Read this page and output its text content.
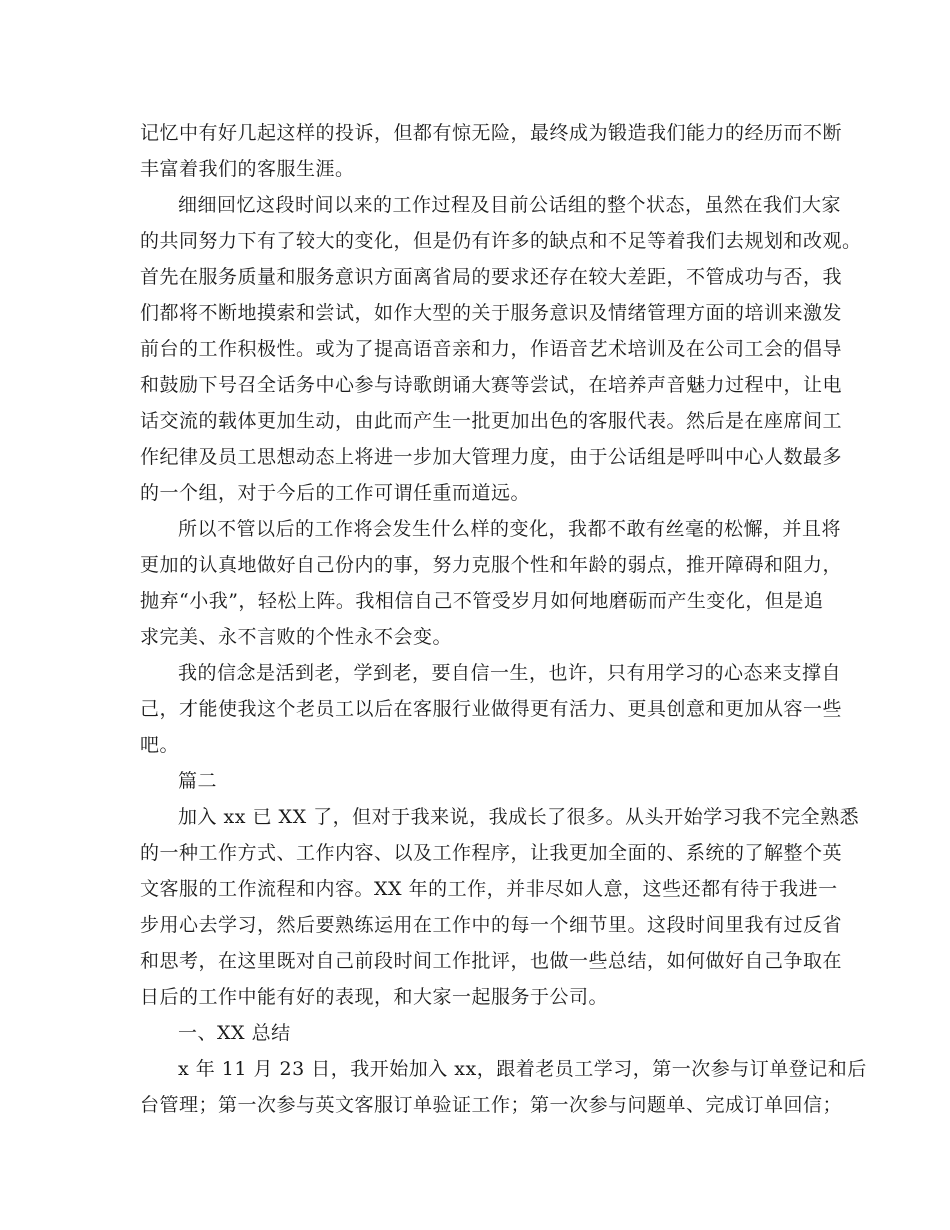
记忆中有好几起这样的投诉，但都有惊无险，最终成为锻造我们能力的经历而不断
丰富着我们的客服生涯。
细细回忆这段时间以来的工作过程及目前公话组的整个状态，虽然在我们大家
的共同努力下有了较大的变化，但是仍有许多的缺点和不足等着我们去规划和改观。
首先在服务质量和服务意识方面离省局的要求还存在较大差距，不管成功与否，我
们都将不断地摸索和尝试，如作大型的关于服务意识及情绪管理方面的培训来激发
前台的工作积极性。或为了提高语音亲和力，作语音艺术培训及在公司工会的倡导
和鼓励下号召全话务中心参与诗歌朗诵大赛等尝试，在培养声音魅力过程中，让电
话交流的载体更加生动，由此而产生一批更加出色的客服代表。然后是在座席间工
作纪律及员工思想动态上将进一步加大管理力度，由于公话组是呼叫中心人数最多
的一个组，对于今后的工作可谓任重而道远。
所以不管以后的工作将会发生什么样的变化，我都不敢有丝毫的松懈，并且将
更加的认真地做好自己份内的事，努力克服个性和年龄的弱点，推开障碍和阻力，
抛弃“小我”，轻松上阵。我相信自己不管受岁月如何地磨砺而产生变化，但是追
求完美、永不言败的个性永不会变。
我的信念是活到老，学到老，要自信一生，也许，只有用学习的心态来支撑自
己，才能使我这个老员工以后在客服行业做得更有活力、更具创意和更加从容一些
吧。
篇二
加入 xx 已 XX 了，但对于我来说，我成长了很多。从头开始学习我不完全熟悉
的一种工作方式、工作内容、以及工作程序，让我更加全面的、系统的了解整个英
文客服的工作流程和内容。XX 年的工作，并非尽如人意，这些还都有待于我进一
步用心去学习，然后要熟练运用在工作中的每一个细节里。这段时间里我有过反省
和思考，在这里既对自己前段时间工作批评，也做一些总结，如何做好自己争取在
日后的工作中能有好的表现，和大家一起服务于公司。
一、XX 总结
x 年 11 月 23 日，我开始加入 xx，跟着老员工学习，第一次参与订单登记和后
台管理；第一次参与英文客服订单验证工作；第一次参与问题单、完成订单回信；
